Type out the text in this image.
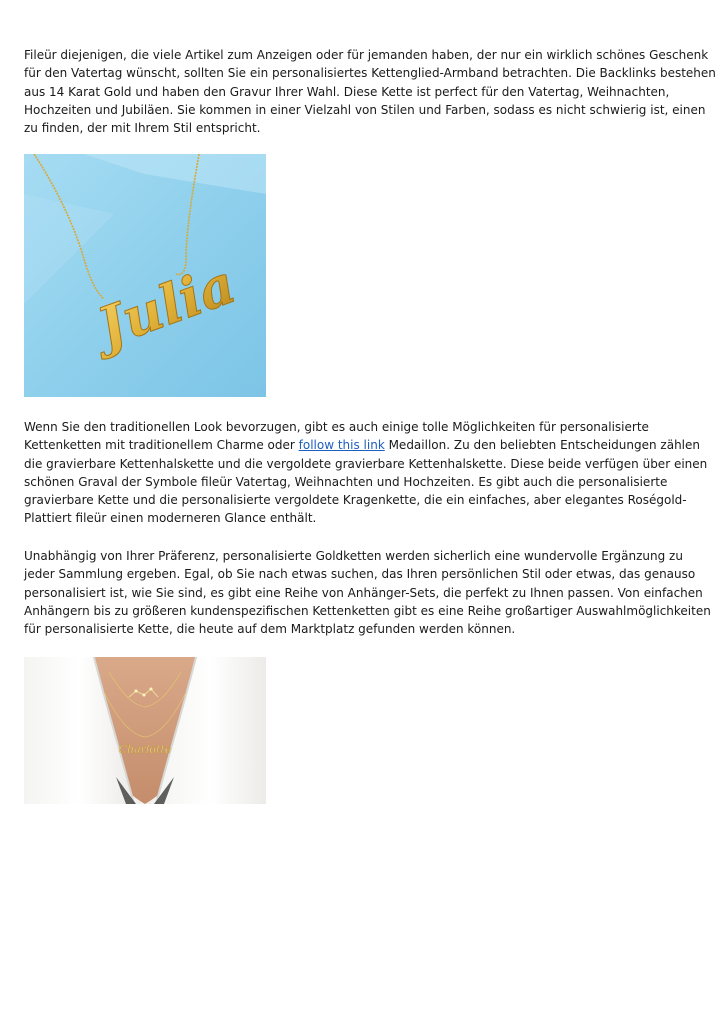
Fileür diejenigen, die viele Artikel zum Anzeigen oder für jemanden haben, der nur ein wirklich schönes Geschenk
für den Vatertag wünscht, sollten Sie ein personalisiertes Kettenglied-Armband betrachten. Die Backlinks bestehen
aus 14 Karat Gold und haben den Gravur Ihrer Wahl. Diese Kette ist perfect für den Vatertag, Weihnachten,
Hochzeiten und Jubiläen. Sie kommen in einer Vielzahl von Stilen und Farben, sodass es nicht schwierig ist, einen
zu finden, der mit Ihrem Stil entspricht.

Julia

Wenn Sie den traditionellen Look bevorzugen, gibt es auch einige tolle Möglichkeiten für personalisierte
Kettenketten mit traditionellem Charme oder follow this link Medaillon. Zu den beliebten Entscheidungen zählen
die gravierbare Kettenhalskette und die vergoldete gravierbare Kettenhalskette. Diese beide verfügen über einen
schönen Graval der Symbole fileür Vatertag, Weihnachten und Hochzeiten. Es gibt auch die personalisierte
gravierbare Kette und die personalisierte vergoldete Kragenkette, die ein einfaches, aber elegantes Roségold-
Plattiert fileür einen moderneren Glance enthält.

Unabhängig von Ihrer Präferenz, personalisierte Goldketten werden sicherlich eine wundervolle Ergänzung zu
jeder Sammlung ergeben. Egal, ob Sie nach etwas suchen, das Ihren persönlichen Stil oder etwas, das genauso
personalisiert ist, wie Sie sind, es gibt eine Reihe von Anhänger-Sets, die perfekt zu Ihnen passen. Von einfachen
Anhängern bis zu größeren kundenspezifischen Kettenketten gibt es eine Reihe großartiger Auswahlmöglichkeiten
für personalisierte Kette, die heute auf dem Marktplatz gefunden werden können.

Charlotte
